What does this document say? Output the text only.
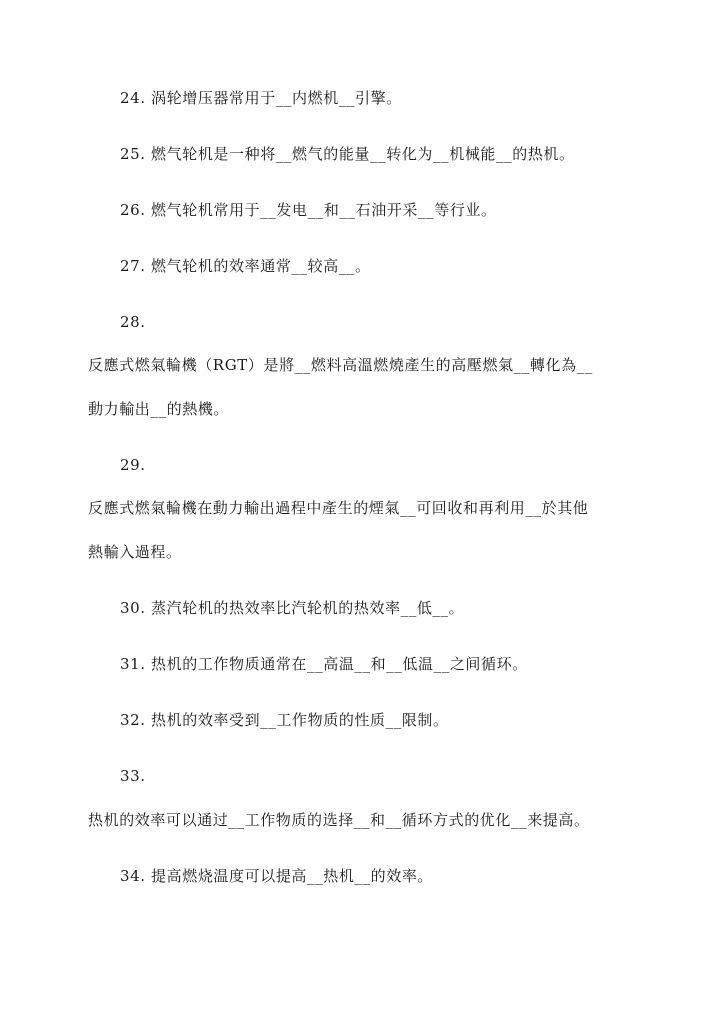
24. 涡轮增压器常用于__内燃机__引擎。
25. 燃气轮机是一种将__燃气的能量__转化为__机械能__的热机。
26. 燃气轮机常用于__发电__和__石油开采__等行业。
27. 燃气轮机的效率通常__较高__。
28.
反應式燃氣輪機（RGT）是將__燃料高溫燃燒產生的高壓燃氣__轉化為__
動力輸出__的熱機。
29.
反應式燃氣輪機在動力輸出過程中產生的煙氣__可回收和再利用__於其他
熱輸入過程。
30. 蒸汽轮机的热效率比汽轮机的热效率__低__。
31. 热机的工作物质通常在__高温__和__低温__之间循环。
32. 热机的效率受到__工作物质的性质__限制。
33.
热机的效率可以通过__工作物质的选择__和__循环方式的优化__来提高。
34. 提高燃烧温度可以提高__热机__的效率。
